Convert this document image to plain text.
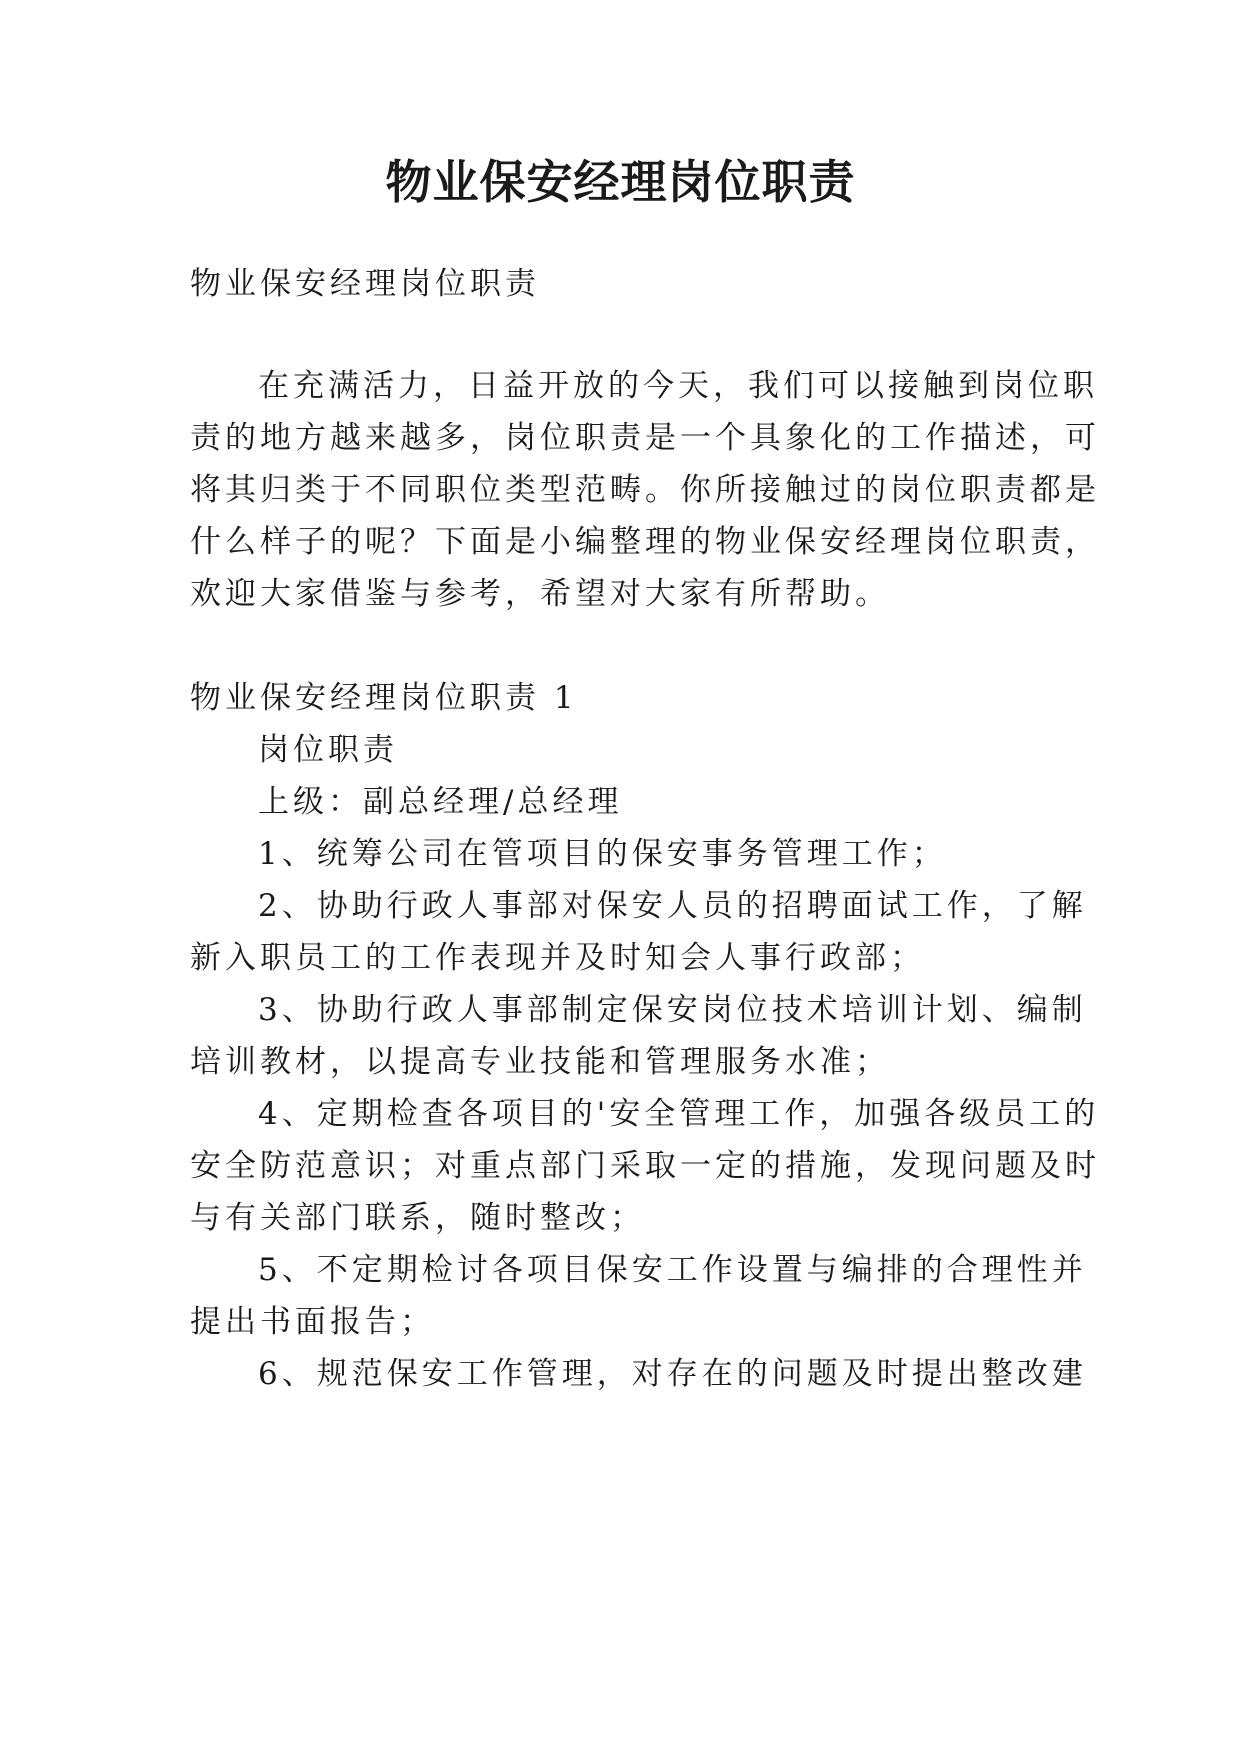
物业保安经理岗位职责
物业保安经理岗位职责
在充满活力，日益开放的今天，我们可以接触到岗位职
责的地方越来越多，岗位职责是一个具象化的工作描述，可
将其归类于不同职位类型范畴。你所接触过的岗位职责都是
什么样子的呢？下面是小编整理的物业保安经理岗位职责，
欢迎大家借鉴与参考，希望对大家有所帮助。
物业保安经理岗位职责 1
岗位职责
上级：副总经理/总经理
1、统筹公司在管项目的保安事务管理工作；
2、协助行政人事部对保安人员的招聘面试工作，了解
新入职员工的工作表现并及时知会人事行政部；
3、协助行政人事部制定保安岗位技术培训计划、编制
培训教材，以提高专业技能和管理服务水准；
4、定期检查各项目的'安全管理工作，加强各级员工的
安全防范意识；对重点部门采取一定的措施，发现问题及时
与有关部门联系，随时整改；
5、不定期检讨各项目保安工作设置与编排的合理性并
提出书面报告；
6、规范保安工作管理，对存在的问题及时提出整改建
